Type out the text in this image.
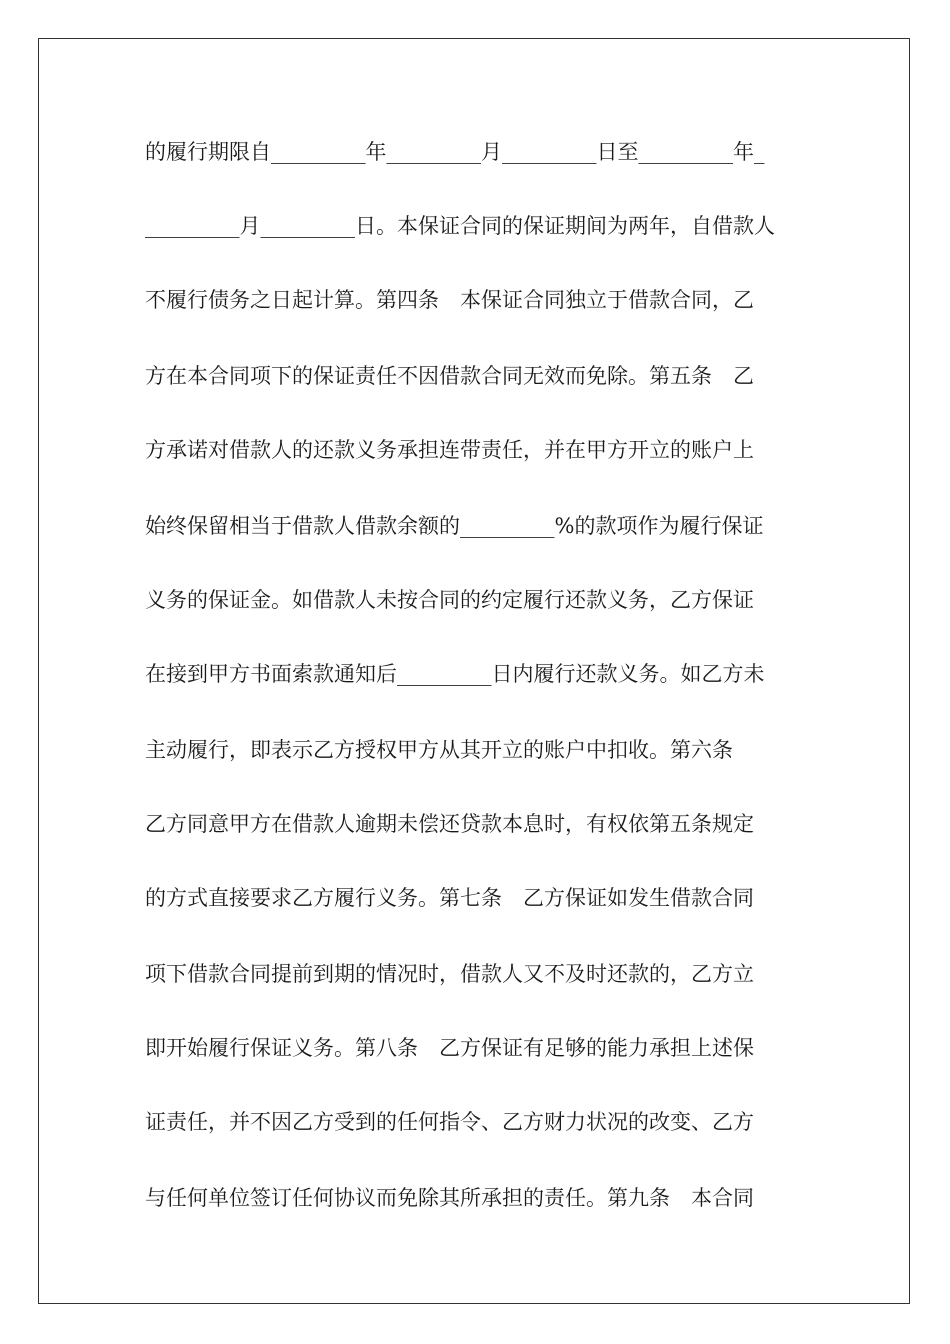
的履行期限自_________年_________月_________日至_________年_
_________月_________日。本保证合同的保证期间为两年，自借款人
不履行债务之日起计算。第四条　本保证合同独立于借款合同，乙
方在本合同项下的保证责任不因借款合同无效而免除。第五条　乙
方承诺对借款人的还款义务承担连带责任，并在甲方开立的账户上
始终保留相当于借款人借款余额的_________%的款项作为履行保证
义务的保证金。如借款人未按合同的约定履行还款义务，乙方保证
在接到甲方书面索款通知后_________日内履行还款义务。如乙方未
主动履行，即表示乙方授权甲方从其开立的账户中扣收。第六条
乙方同意甲方在借款人逾期未偿还贷款本息时，有权依第五条规定
的方式直接要求乙方履行义务。第七条　乙方保证如发生借款合同
项下借款合同提前到期的情况时，借款人又不及时还款的，乙方立
即开始履行保证义务。第八条　乙方保证有足够的能力承担上述保
证责任，并不因乙方受到的任何指令、乙方财力状况的改变、乙方
与任何单位签订任何协议而免除其所承担的责任。第九条　本合同
